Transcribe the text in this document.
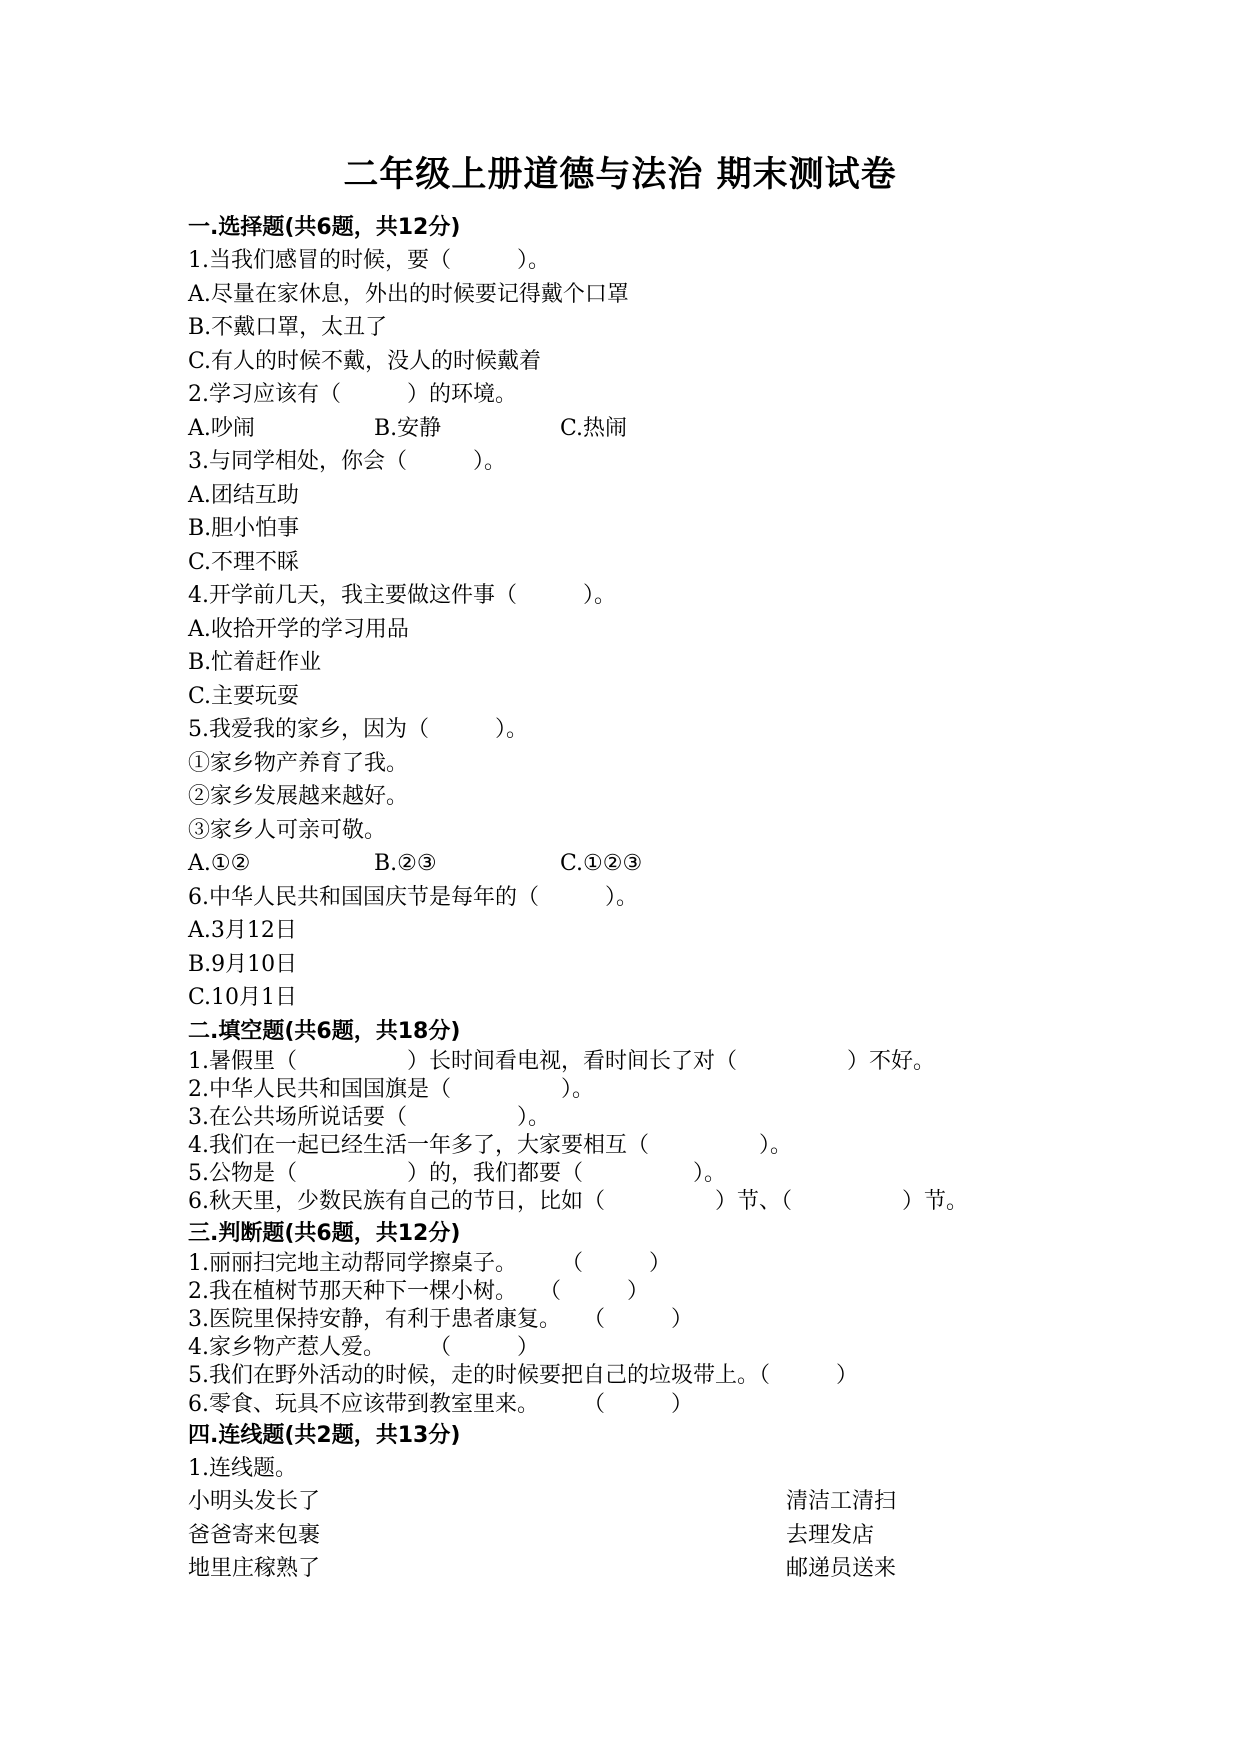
二年级上册道德与法治 期末测试卷
一.选择题(共6题，共12分)
1.当我们感冒的时候，要（　　　）。
A.尽量在家休息，外出的时候要记得戴个口罩
B.不戴口罩，太丑了
C.有人的时候不戴，没人的时候戴着
2.学习应该有（　　　）的环境。
A.吵闹	B.安静	C.热闹
3.与同学相处，你会（　　　）。
A.团结互助
B.胆小怕事
C.不理不睬
4.开学前几天，我主要做这件事（　　　）。
A.收拾开学的学习用品
B.忙着赶作业
C.主要玩耍
5.我爱我的家乡，因为（　　　）。
①家乡物产养育了我。
②家乡发展越来越好。
③家乡人可亲可敬。
A.①②	B.②③	C.①②③
6.中华人民共和国国庆节是每年的（　　　）。
A.3月12日
B.9月10日
C.10月1日
二.填空题(共6题，共18分)
1.暑假里（　　　　　）长时间看电视，看时间长了对（　　　　　）不好。
2.中华人民共和国国旗是（　　　　　）。
3.在公共场所说话要（　　　　　）。
4.我们在一起已经生活一年多了，大家要相互（　　　　　）。
5.公物是（　　　　　）的，我们都要（　　　　　）。
6.秋天里，少数民族有自己的节日，比如（　　　　　）节、（　　　　　）节。
三.判断题(共6题，共12分)
1.丽丽扫完地主动帮同学擦桌子。　　　（　　　）
2.我在植树节那天种下一棵小树。　　（　　　）
3.医院里保持安静，有利于患者康复。　　（　　　）
4.家乡物产惹人爱。　　　（　　　）
5.我们在野外活动的时候，走的时候要把自己的垃圾带上。（　　　）
6.零食、玩具不应该带到教室里来。　　　（　　　）
四.连线题(共2题，共13分)
1.连线题。
小明头发长了	清洁工清扫
爸爸寄来包裹	去理发店
地里庄稼熟了	邮递员送来
